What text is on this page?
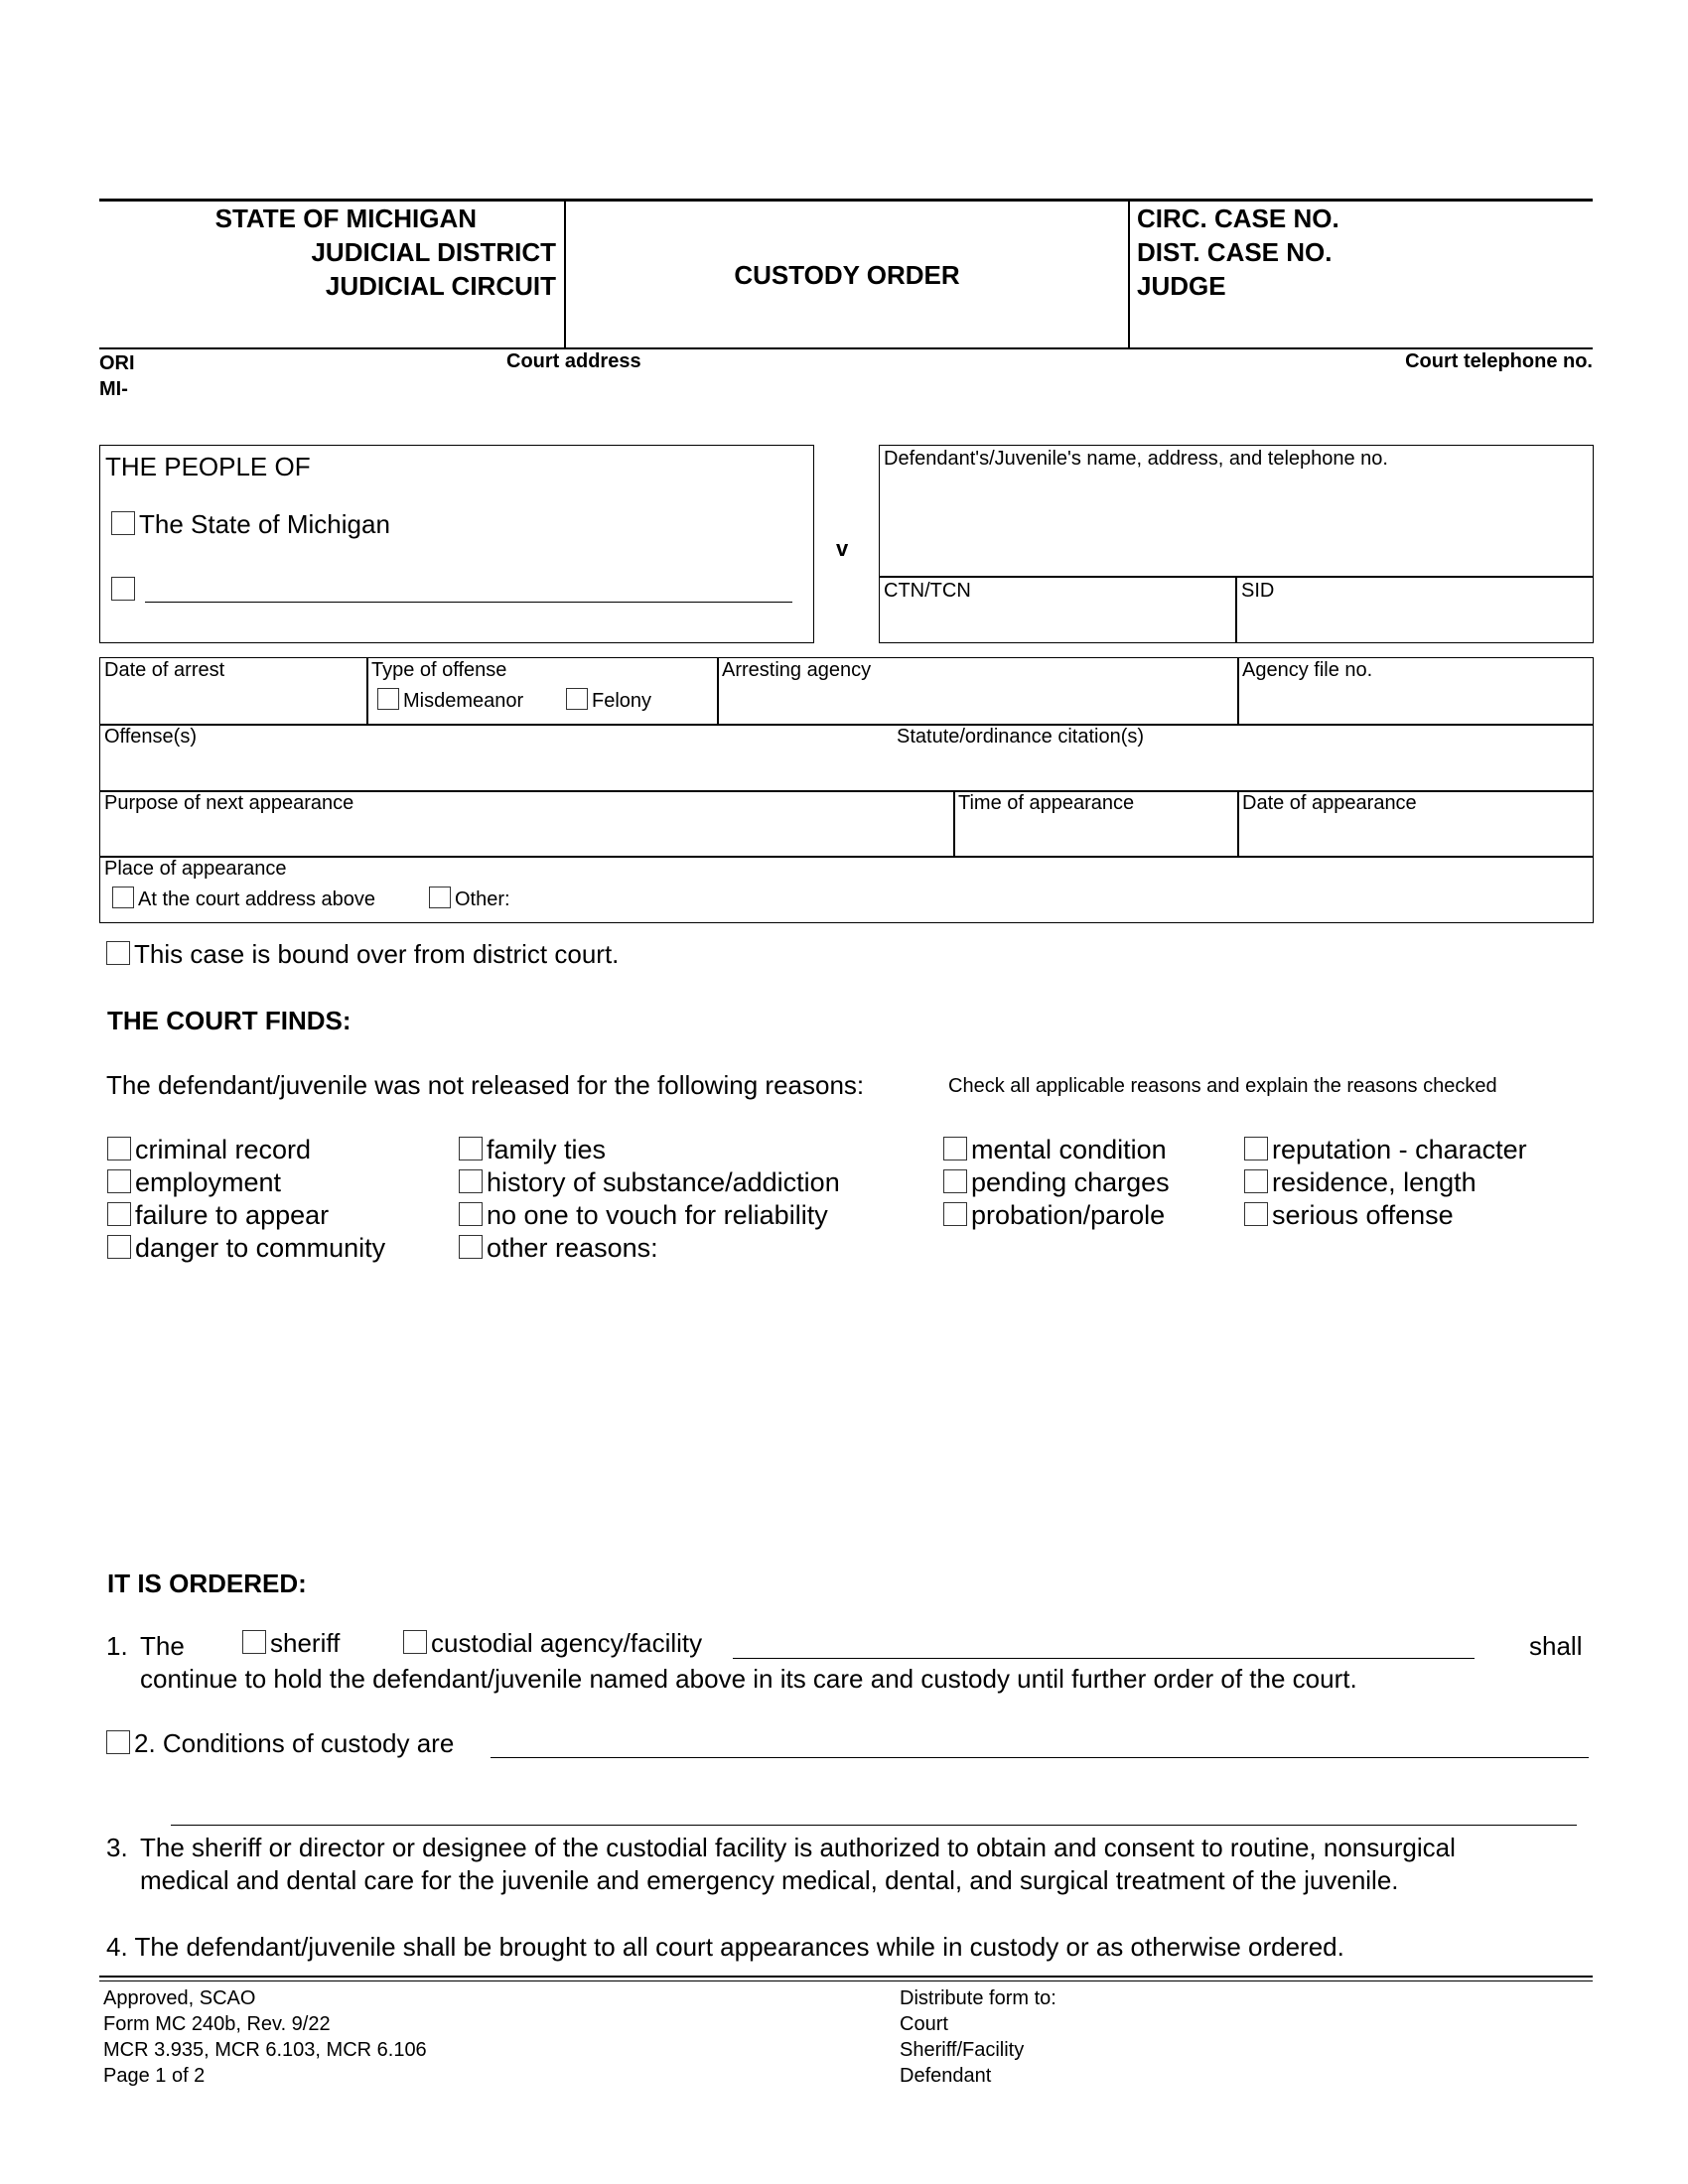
STATE OF MICHIGAN
JUDICIAL DISTRICT
JUDICIAL CIRCUIT	CUSTODY ORDER
CIRC. CASE NO.
DIST. CASE NO.
JUDGE
ORI
MI-
Court address	Court telephone no.
THE PEOPLE OF
The State of Michigan
v
Defendant's/Juvenile's name, address, and telephone no.
CTN/TCN	SID
Date of arrest	Type of offense
Misdemeanor	Felony
Arresting agency	Agency file no.
Offense(s)	Statute/ordinance citation(s)
Purpose of next appearance	Time of appearance	Date of appearance
Place of appearance
At the court address above	Other:
This case is bound over from district court.
THE COURT FINDS:
The defendant/juvenile was not released for the following reasons:	Check all applicable reasons and explain the reasons checked
criminal record
employment
failure to appear
danger to community
family ties
history of substance/addiction
no one to vouch for reliability
other reasons:
mental condition
pending charges
probation/parole
reputation - character
residence, length
serious offense
IT IS ORDERED:
1. The	sheriff	custodial agency/facility	shall
continue to hold the defendant/juvenile named above in its care and custody until further order of the court.
2. Conditions of custody are
3. The sheriff or director or designee of the custodial facility is authorized to obtain and consent to routine, nonsurgical
medical and dental care for the juvenile and emergency medical, dental, and surgical treatment of the juvenile.
4. The defendant/juvenile shall be brought to all court appearances while in custody or as otherwise ordered.
Approved, SCAO
Form MC 240b, Rev. 9/22
MCR 3.935, MCR 6.103, MCR 6.106
Page 1 of 2
Distribute form to:
Court
Sheriff/Facility
Defendant
